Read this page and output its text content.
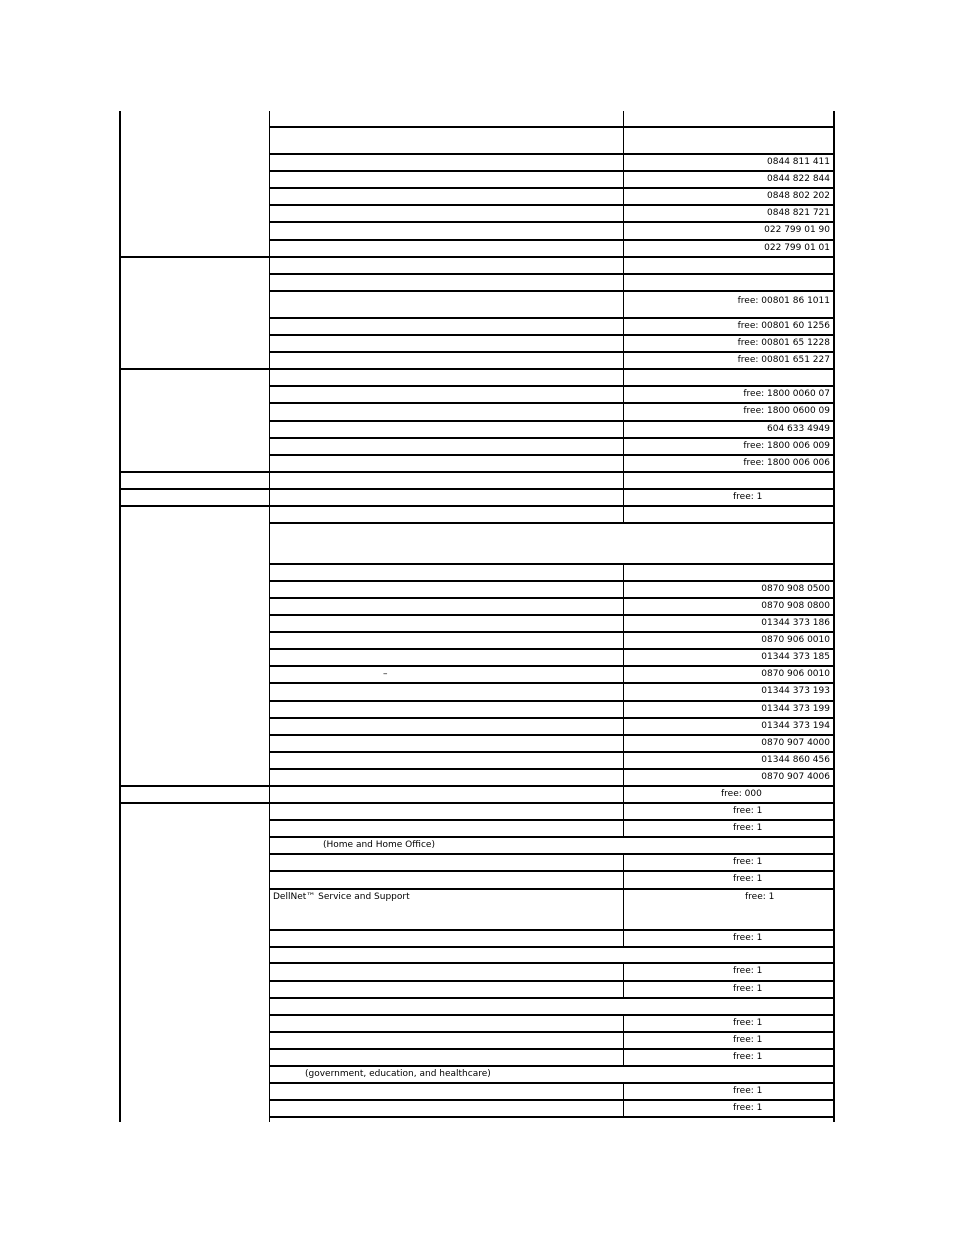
0844 811 411
0844 822 844
0848 802 202
0848 821 721
022 799 01 90
022 799 01 01
free: 00801 86 1011
free: 00801 60 1256
free: 00801 65 1228
free: 00801 651 227
free: 1800 0060 07
free: 1800 0600 09
604 633 4949
free: 1800 006 009
free: 1800 006 006
free: 1
0870 908 0500
0870 908 0800
01344 373 186
0870 906 0010
01344 373 185
–	0870 906 0010
01344 373 193
01344 373 199
01344 373 194
0870 907 4000
01344 860 456
0870 907 4006
free: 000
free: 1
free: 1
(Home and Home Office)
free: 1
free: 1
DellNet™ Service and Support	free: 1
free: 1
free: 1
free: 1
free: 1
free: 1
free: 1
(government, education, and healthcare)
free: 1
free: 1
